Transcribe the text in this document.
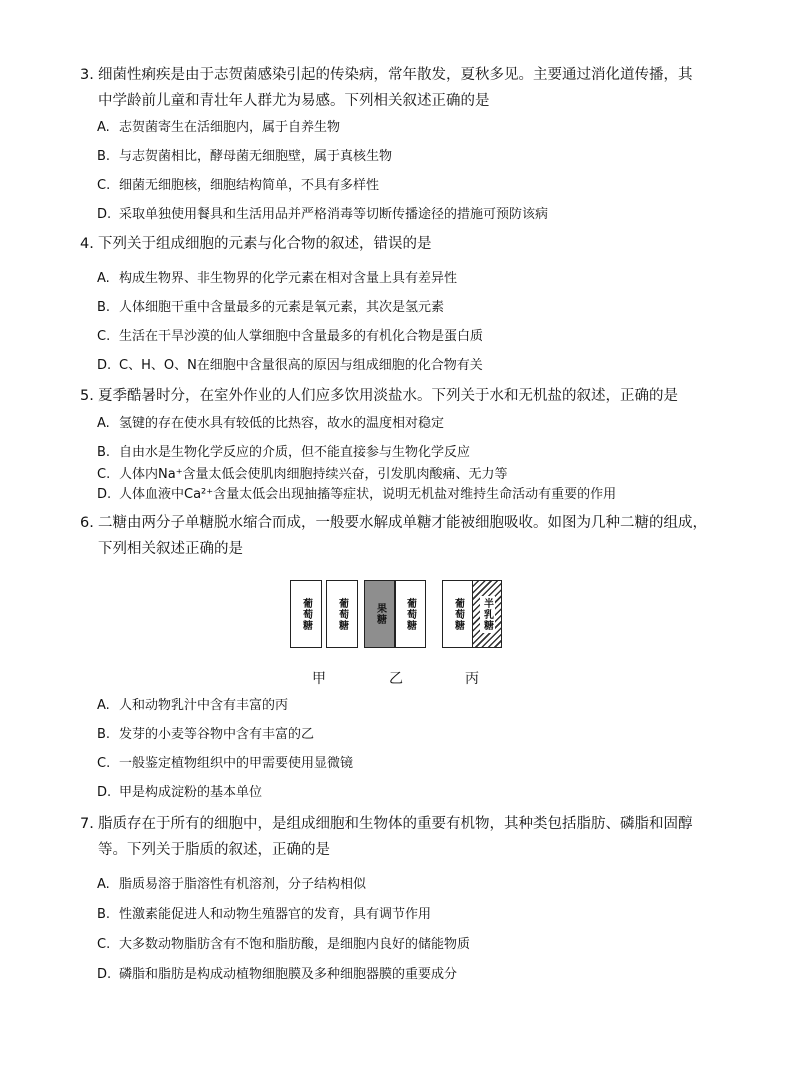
3. 细菌性痢疾是由于志贺菌感染引起的传染病，常年散发，夏秋多见。主要通过消化道传播，其
中学龄前儿童和青壮年人群尤为易感。下列相关叙述正确的是
A. 志贺菌寄生在活细胞内，属于自养生物
B. 与志贺菌相比，酵母菌无细胞壁，属于真核生物
C. 细菌无细胞核，细胞结构简单，不具有多样性
D. 采取单独使用餐具和生活用品并严格消毒等切断传播途径的措施可预防该病
4. 下列关于组成细胞的元素与化合物的叙述，错误的是
A. 构成生物界、非生物界的化学元素在相对含量上具有差异性
B. 人体细胞干重中含量最多的元素是氧元素，其次是氢元素
C. 生活在干旱沙漠的仙人掌细胞中含量最多的有机化合物是蛋白质
D. C、H、O、N在细胞中含量很高的原因与组成细胞的化合物有关
5. 夏季酷暑时分，在室外作业的人们应多饮用淡盐水。下列关于水和无机盐的叙述，正确的是
A. 氢键的存在使水具有较低的比热容，故水的温度相对稳定
B. 自由水是生物化学反应的介质，但不能直接参与生物化学反应
C. 人体内Na⁺含量太低会使肌肉细胞持续兴奋，引发肌肉酸痛、无力等
D. 人体血液中Ca²⁺含量太低会出现抽搐等症状，说明无机盐对维持生命活动有重要的作用
6. 二糖由两分子单糖脱水缩合而成，一般要水解成单糖才能被细胞吸收。如图为几种二糖的组成，
下列相关叙述正确的是
葡萄糖	葡萄糖	果糖 葡萄糖	葡萄糖 半乳糖
甲	乙	丙
A. 人和动物乳汁中含有丰富的丙
B. 发芽的小麦等谷物中含有丰富的乙
C. 一般鉴定植物组织中的甲需要使用显微镜
D. 甲是构成淀粉的基本单位
7. 脂质存在于所有的细胞中，是组成细胞和生物体的重要有机物，其种类包括脂肪、磷脂和固醇
等。下列关于脂质的叙述，正确的是
A. 脂质易溶于脂溶性有机溶剂，分子结构相似
B. 性激素能促进人和动物生殖器官的发育，具有调节作用
C. 大多数动物脂肪含有不饱和脂肪酸，是细胞内良好的储能物质
D. 磷脂和脂肪是构成动植物细胞膜及多种细胞器膜的重要成分
